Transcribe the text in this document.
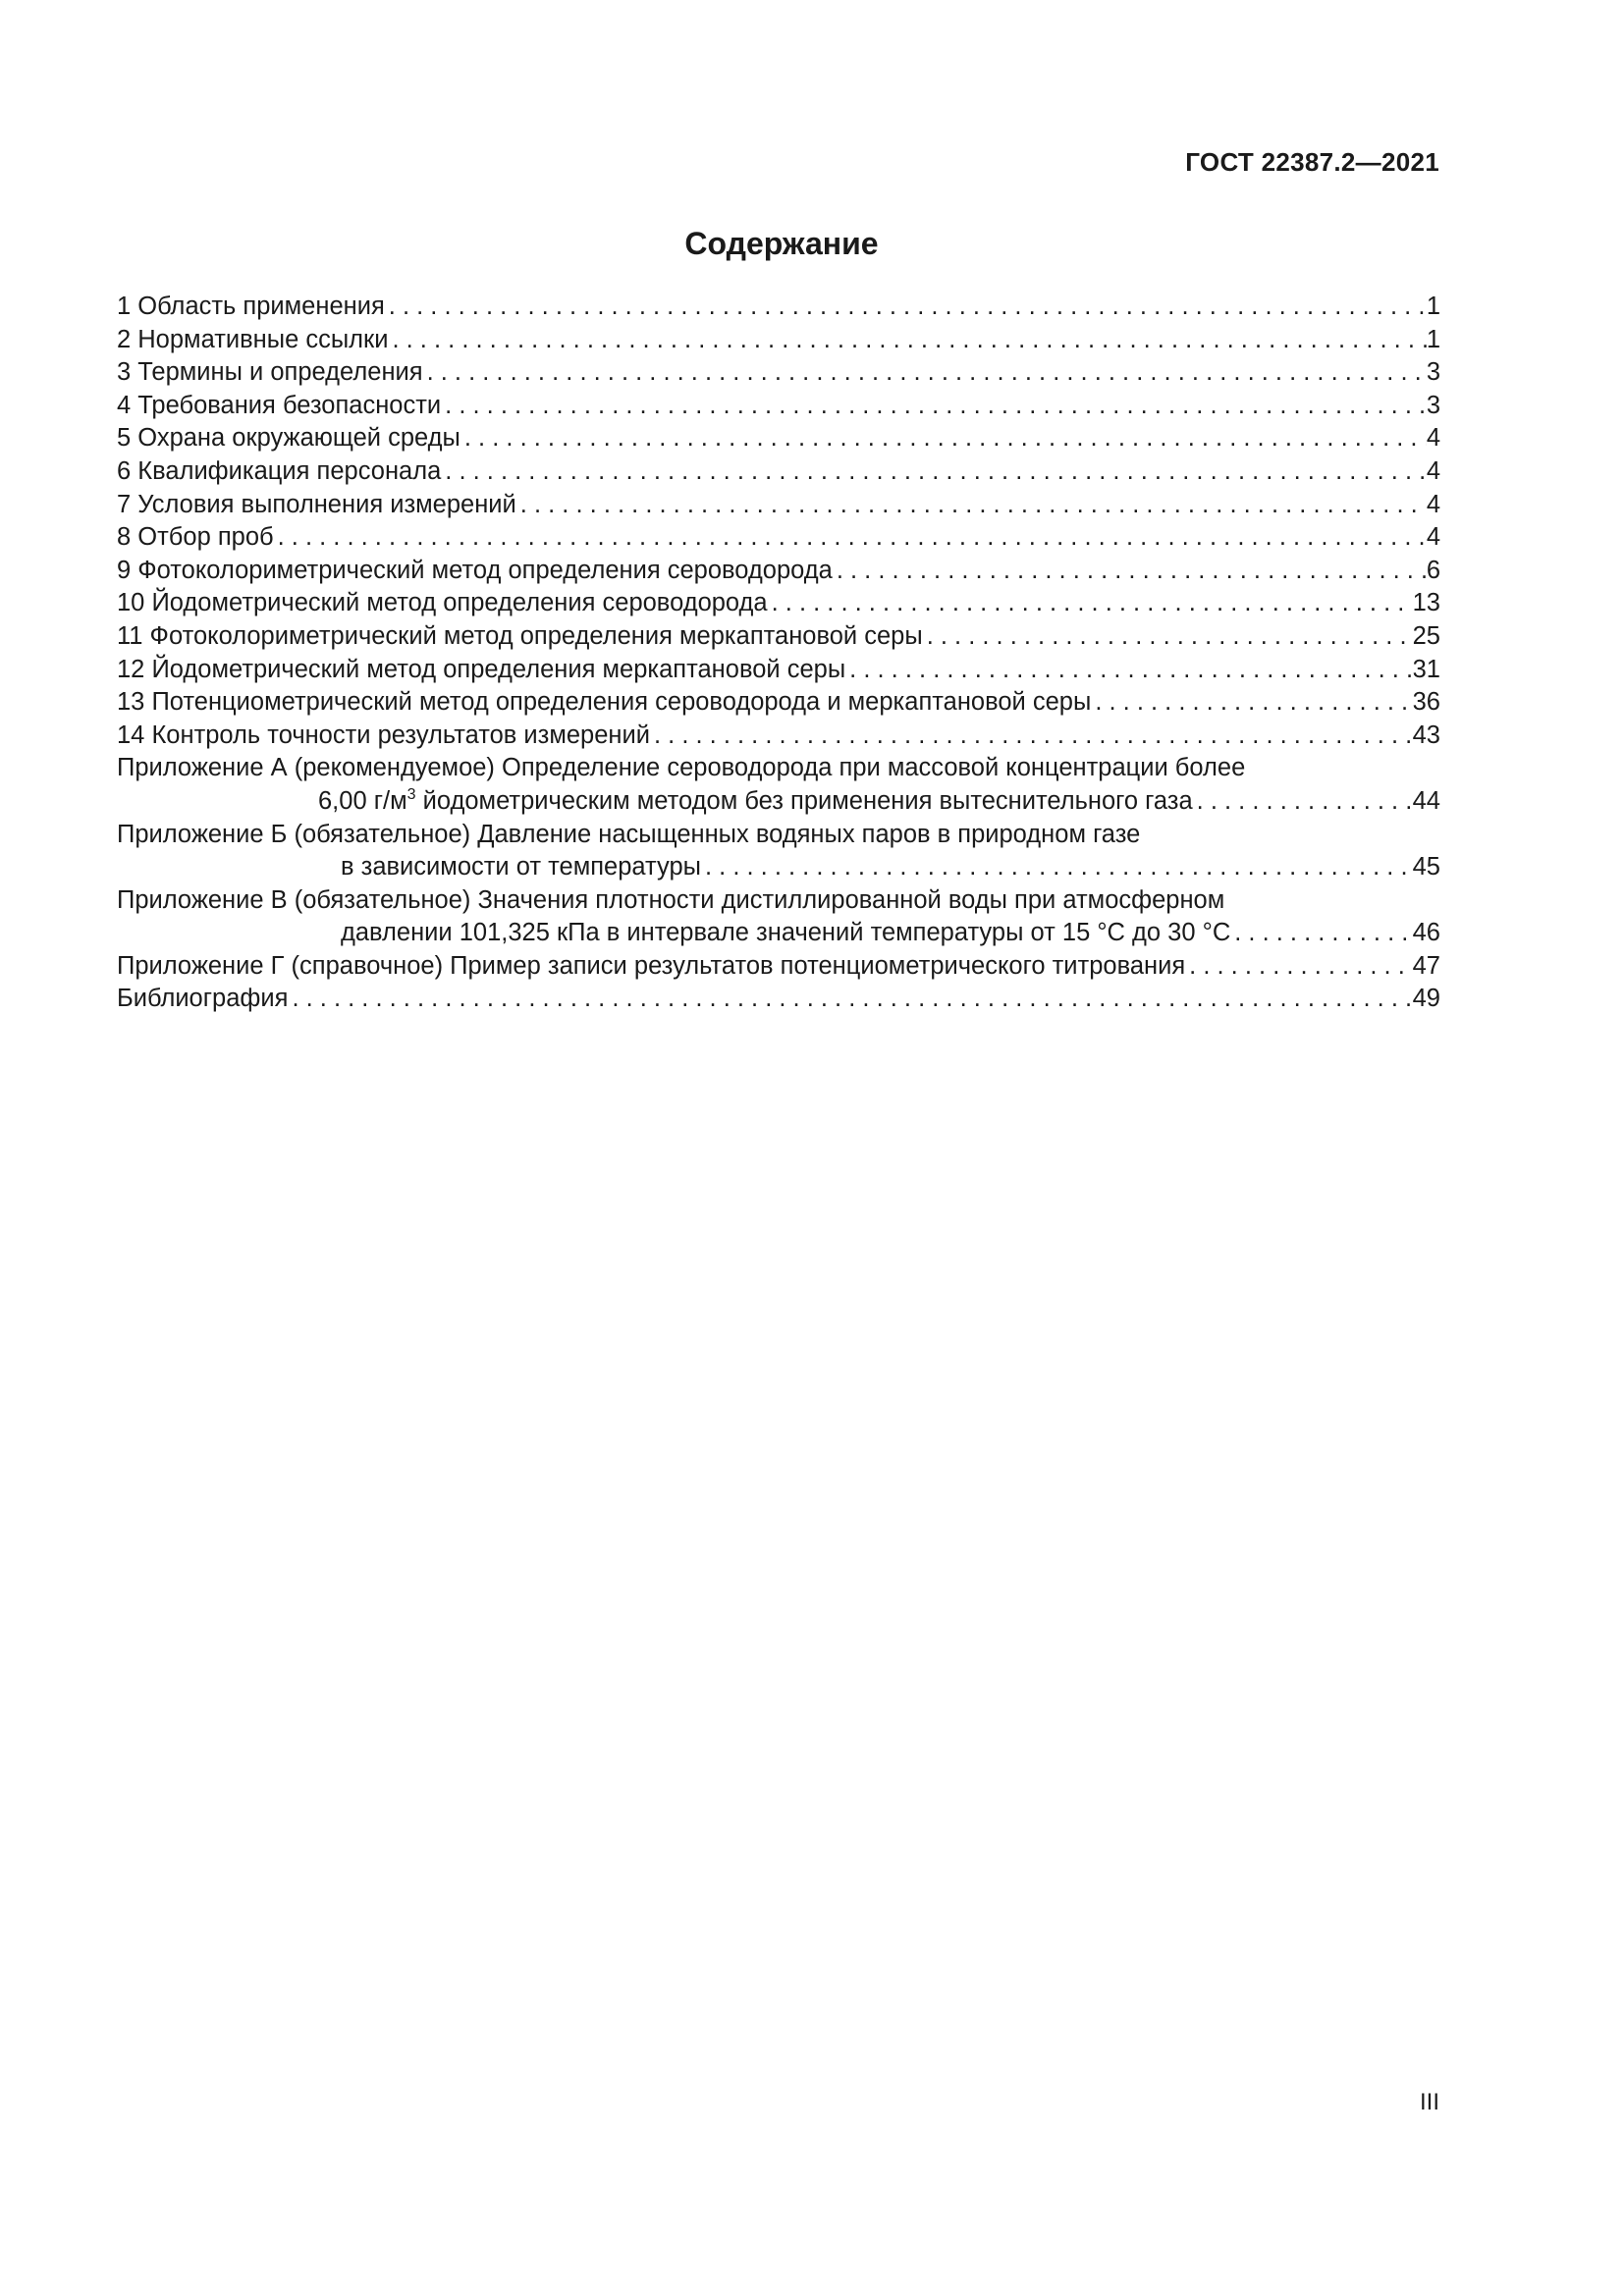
ГОСТ 22387.2—2021
Содержание
1 Область применения . . .	1
2 Нормативные ссылки . . .	1
3 Термины и определения . . .	3
4 Требования безопасности . . .	3
5 Охрана окружающей среды . . .	4
6 Квалификация персонала . . .	4
7 Условия выполнения измерений . . .	4
8 Отбор проб . . .	4
9 Фотоколориметрический метод определения сероводорода . . .	6
10 Йодометрический метод определения сероводорода . . .	13
11 Фотоколориметрический метод определения меркаптановой серы . . .	25
12 Йодометрический метод определения меркаптановой серы . . .	31
13 Потенциометрический метод определения сероводорода и меркаптановой серы . . .	36
14 Контроль точности результатов измерений . . .	43
Приложение А (рекомендуемое) Определение сероводорода при массовой концентрации более
6,00 $г/м^3$ йодометрическим методом без применения вытеснительного газа . . .	44
Приложение Б (обязательное) Давление насыщенных водяных паров в природном газе
в зависимости от температуры . . .	45
Приложение В (обязательное) Значения плотности дистиллированной воды при атмосферном
давлении 101,325 кПа в интервале значений температуры от 15 °С до 30 °С . . .	46
Приложение Г (справочное) Пример записи результатов потенциометрического титрования . . .	47
Библиография . . .	49
III
